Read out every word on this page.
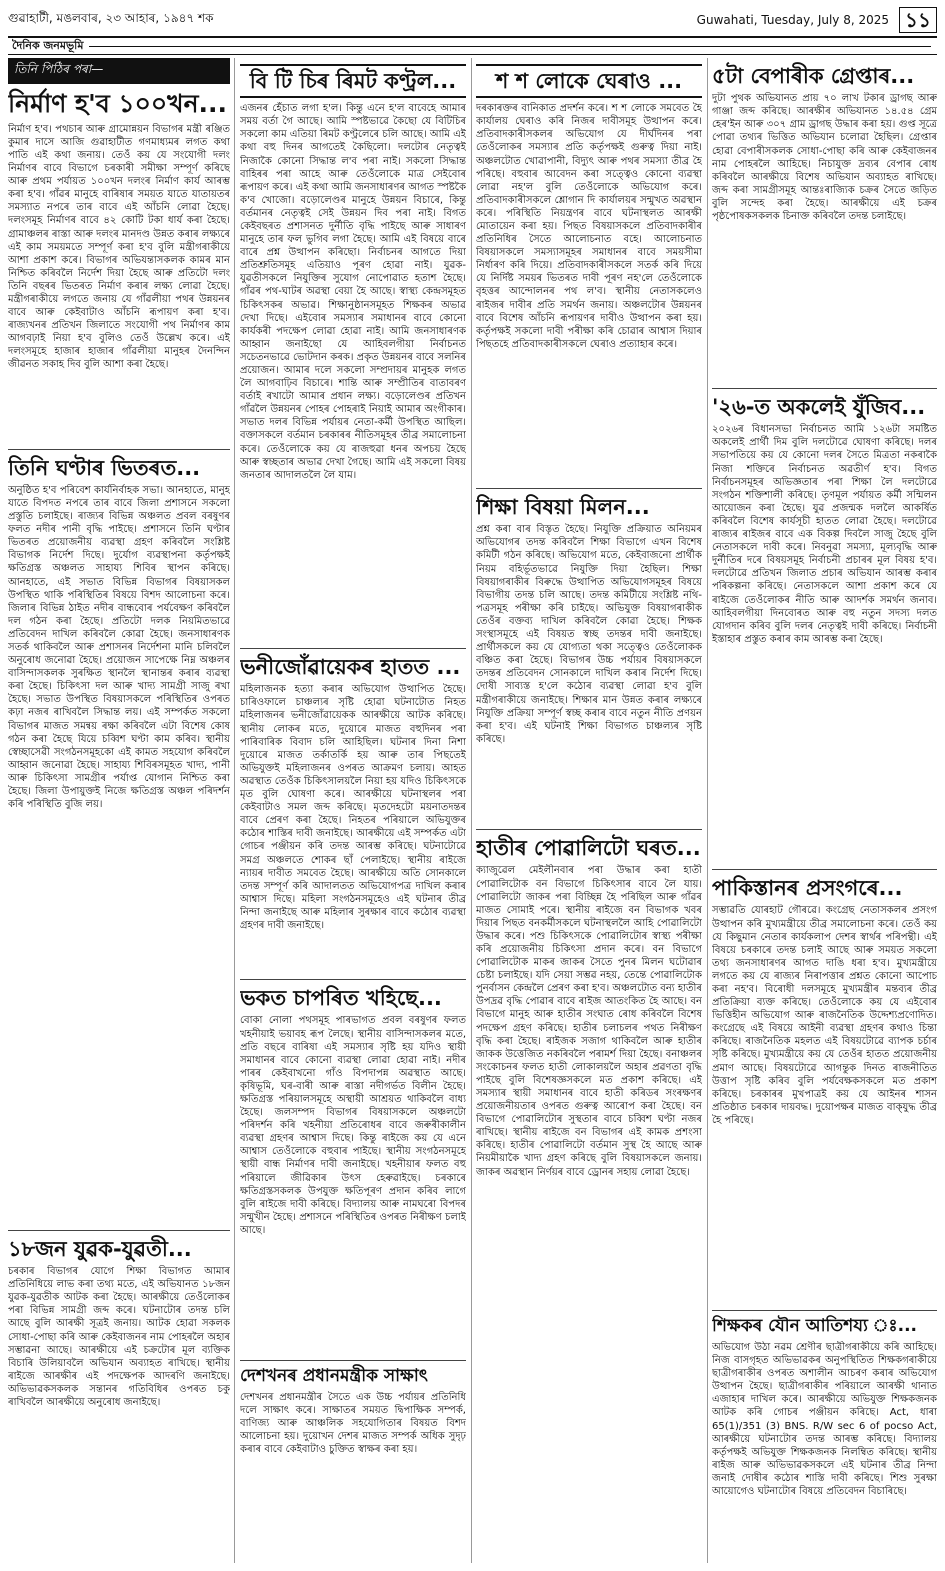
গুৱাহাটী, মঙলবাৰ, ২৩ আহাৰ, ১৯৪৭ শক	Guwahati, Tuesday, July 8, 2025 ১১
দৈনিক জনমভূমি
তিনি পিঠিৰ পৰা—
নিৰ্মাণ হ'ব ১০০খন...
নিৰ্মাণ হ'ব। পথচাৰ আৰু গ্ৰামোন্নয়ন বিভাগৰ মন্ত্ৰী ৰঞ্জিত কুমাৰ দাসে আজি গুৱাহাটীত গণমাধ্যমৰ লগত কথা পাতি এই কথা জনায়। তেওঁ কয় যে সংযোগী দলং নিৰ্মাণৰ বাবে বিভাগে চৰকাৰী সমীক্ষা সম্পূৰ্ণ কৰিছে আৰু প্ৰথম পৰ্যায়ত ১০০খন দলংৰ নিৰ্মাণ কাৰ্য আৰম্ভ কৰা হ'ব। গাঁৱৰ মানুহে বাৰিষাৰ সময়ত যাতে যাতায়তৰ সমস্যাত নপৰে তাৰ বাবে এই আঁচনি লোৱা হৈছে। দলংসমূহ নিৰ্মাণৰ বাবে ৪২ কোটি টকা ধাৰ্য কৰা হৈছে। গ্ৰামাঞ্চলৰ ৰাস্তা আৰু দলংৰ মানদণ্ড উন্নত কৰাৰ লক্ষ্যৰে এই কাম সময়মতে সম্পূৰ্ণ কৰা হ'ব বুলি মন্ত্ৰীগৰাকীয়ে আশা প্ৰকাশ কৰে। বিভাগৰ অভিযন্তাসকলক কামৰ মান নিশ্চিত কৰিবলৈ নিৰ্দেশ দিয়া হৈছে আৰু প্ৰতিটো দলং তিনি বছৰৰ ভিতৰত নিৰ্মাণ কৰাৰ লক্ষ্য লোৱা হৈছে। মন্ত্ৰীগৰাকীয়ে লগতে জনায় যে গাঁৱলীয়া পথৰ উন্নয়নৰ বাবে আৰু কেইবাটাও আঁচনি ৰূপায়ণ কৰা হ'ব। ৰাজ্যখনৰ প্ৰতিখন জিলাতে সংযোগী পথ নিৰ্মাণৰ কাম আগবঢ়াই নিয়া হ'ব বুলিও তেওঁ উল্লেখ কৰে। এই দলংসমূহে হাজাৰ হাজাৰ গাঁৱলীয়া মানুহৰ দৈনন্দিন জীৱনত সকাহ দিব বুলি আশা কৰা হৈছে।
তিনি ঘণ্টাৰ ভিতৰত...
অনুষ্ঠিত হ'ব পৰিবেশ কাৰ্যনিৰ্বাহক সভা। আনহাতে, মানুহ যাতে বিপদত নপৰে তাৰ বাবে জিলা প্ৰশাসনে সকলো প্ৰস্তুতি চলাইছে। ৰাজ্যৰ বিভিন্ন অঞ্চলত প্ৰবল বৰষুণৰ ফলত নদীৰ পানী বৃদ্ধি পাইছে। প্ৰশাসনে তিনি ঘণ্টাৰ ভিতৰত প্ৰয়োজনীয় ব্যৱস্থা গ্ৰহণ কৰিবলৈ সংশ্লিষ্ট বিভাগক নিৰ্দেশ দিছে। দুৰ্যোগ ব্যৱস্থাপনা কৰ্তৃপক্ষই ক্ষতিগ্ৰস্ত অঞ্চলত সাহায্য শিবিৰ স্থাপন কৰিছে। আনহাতে, এই সভাত বিভিন্ন বিভাগৰ বিষয়াসকল উপস্থিত থাকি পৰিস্থিতিৰ বিষয়ে বিশদ আলোচনা কৰে। জিলাৰ বিভিন্ন ঠাইত নদীৰ বান্ধবোৰ পৰ্যবেক্ষণ কৰিবলৈ দল গঠন কৰা হৈছে। প্ৰতিটো দলক নিয়মিতভাৱে প্ৰতিবেদন দাখিল কৰিবলৈ কোৱা হৈছে। জনসাধাৰণক সতৰ্ক থাকিবলৈ আৰু প্ৰশাসনৰ নিৰ্দেশনা মানি চলিবলৈ অনুৰোধ জনোৱা হৈছে। প্ৰয়োজন সাপেক্ষে নিম্ন অঞ্চলৰ বাসিন্দাসকলক সুৰক্ষিত স্থানলৈ স্থানান্তৰ কৰাৰ ব্যৱস্থা কৰা হৈছে। চিকিৎসা দল আৰু খাদ্য সামগ্ৰী সাজু ৰখা হৈছে। সভাত উপস্থিত বিষয়াসকলে পৰিস্থিতিৰ ওপৰত কঢ়া নজৰ ৰাখিবলৈ সিদ্ধান্ত লয়। এই সম্পৰ্কত সকলো বিভাগৰ মাজত সমন্বয় ৰক্ষা কৰিবলৈ এটা বিশেষ কোষ গঠন কৰা হৈছে যিয়ে চব্বিশ ঘণ্টা কাম কৰিব। স্থানীয় স্বেচ্ছাসেৱী সংগঠনসমূহকো এই কামত সহযোগ কৰিবলৈ আহ্বান জনোৱা হৈছে। সাহায্য শিবিৰসমূহত খাদ্য, পানী আৰু চিকিৎসা সামগ্ৰীৰ পৰ্যাপ্ত যোগান নিশ্চিত কৰা হৈছে। জিলা উপায়ুক্তই নিজে ক্ষতিগ্ৰস্ত অঞ্চল পৰিদৰ্শন কৰি পৰিস্থিতি বুজি লয়।
১৮জন যুৱক-যুৱতী...
চৰকাৰ বিভাগৰ যোগে শিক্ষা বিভাগত আমাৰ প্ৰতিনিধিয়ে লাভ কৰা তথ্য মতে, এই অভিযানত ১৮জন যুৱক-যুৱতীক আটক কৰা হৈছে। আৰক্ষীয়ে তেওঁলোকৰ পৰা বিভিন্ন সামগ্ৰী জব্দ কৰে। ঘটনাটোৰ তদন্ত চলি আছে বুলি আৰক্ষী সূত্ৰই জনায়। আটক হোৱা সকলক সোধা-পোছা কৰি আৰু কেইবাজনৰ নাম পোহৰলৈ অহাৰ সম্ভাৱনা আছে। আৰক্ষীয়ে এই চক্ৰটোৰ মূল ব্যক্তিক বিচাৰি উলিয়াবলৈ অভিযান অব্যাহত ৰাখিছে। স্থানীয় ৰাইজে আৰক্ষীৰ এই পদক্ষেপক আদৰণি জনাইছে। অভিভাৱকসকলক সন্তানৰ গতিবিধিৰ ওপৰত চকু ৰাখিবলৈ আৰক্ষীয়ে অনুৰোধ জনাইছে।
বি টি চিৰ ৰিমট কণ্ট্ৰল...
এজনৰ হেঁচাত লগা হ'ল। কিন্তু এনে হ'ল বাবেহে আমাৰ সময় বৰ্তা গৈ আছে। আমি স্পষ্টভাৱে কৈছো যে বিটিচিৰ সকলো কাম এতিয়া ৰিমট কণ্ট্ৰলেৰে চলি আছে। আমি এই কথা বহু দিনৰ আগতেই কৈছিলো। দলটোৰ নেতৃত্বই নিজাকৈ কোনো সিদ্ধান্ত ল'ব পৰা নাই। সকলো সিদ্ধান্ত বাহিৰৰ পৰা আহে আৰু তেওঁলোকে মাত্ৰ সেইবোৰ ৰূপায়ণ কৰে। এই কথা আমি জনসাধাৰণৰ আগত স্পষ্টকৈ ক'ব খোজো। বড়োলেণ্ডৰ মানুহে উন্নয়ন বিচাৰে, কিন্তু বৰ্তমানৰ নেতৃত্বই সেই উন্নয়ন দিব পৰা নাই। বিগত কেইবছৰত প্ৰশাসনত দুৰ্নীতি বৃদ্ধি পাইছে আৰু সাধাৰণ মানুহে তাৰ ফল ভুগিব লগা হৈছে। আমি এই বিষয়ে বাৰে বাৰে প্ৰশ্ন উত্থাপন কৰিছো। নিৰ্বাচনৰ আগতে দিয়া প্ৰতিশ্ৰুতিসমূহ এতিয়াও পূৰণ হোৱা নাই। যুৱক-যুৱতীসকলে নিযুক্তিৰ সুযোগ নোপোৱাত হতাশ হৈছে। গাঁৱৰ পথ-ঘাটৰ অৱস্থা বেয়া হৈ আছে। স্বাস্থ্য কেন্দ্ৰসমূহত চিকিৎসকৰ অভাৱ। শিক্ষানুষ্ঠানসমূহত শিক্ষকৰ অভাৱ দেখা দিছে। এইবোৰ সমস্যাৰ সমাধানৰ বাবে কোনো কাৰ্যকৰী পদক্ষেপ লোৱা হোৱা নাই। আমি জনসাধাৰণক আহ্বান জনাইছো যে আহিবলগীয়া নিৰ্বাচনত সচেতনভাৱে ভোটদান কৰক। প্ৰকৃত উন্নয়নৰ বাবে সলনিৰ প্ৰয়োজন। আমাৰ দলে সকলো সম্প্ৰদায়ৰ মানুহক লগত লৈ আগবাঢ়িব বিচাৰে। শান্তি আৰু সম্প্ৰীতিৰ বাতাবৰণ বৰ্তাই ৰখাটো আমাৰ প্ৰধান লক্ষ্য। বড়োলেণ্ডৰ প্ৰতিখন গাঁৱলৈ উন্নয়নৰ পোহৰ পোহৰাই নিয়াই আমাৰ অংগীকাৰ। সভাত দলৰ বিভিন্ন পৰ্যায়ৰ নেতা-কৰ্মী উপস্থিত আছিল। বক্তাসকলে বৰ্তমান চৰকাৰৰ নীতিসমূহৰ তীব্ৰ সমালোচনা কৰে। তেওঁলোকে কয় যে ৰাজহুৱা ধনৰ অপচয় হৈছে আৰু স্বচ্ছতাৰ অভাৱ দেখা গৈছে। আমি এই সকলো বিষয় জনতাৰ আদালতলৈ লৈ যাম।
ভনীজোঁৱায়েকৰ হাতত ...
মহিলাজনক হত্যা কৰাৰ অভিযোগ উত্থাপিত হৈছে। চাৰিওফালে চাঞ্চল্যৰ সৃষ্টি হোৱা ঘটনাটোত নিহত মহিলাজনৰ ভনীজোঁৱায়েকক আৰক্ষীয়ে আটক কৰিছে। স্থানীয় লোকৰ মতে, দুয়োৰে মাজত বহুদিনৰ পৰা পাৰিবাৰিক বিবাদ চলি আহিছিল। ঘটনাৰ দিনা নিশা দুয়োৰে মাজত তৰ্কাতৰ্কি হয় আৰু তাৰ পিছতেই অভিযুক্তই মহিলাজনৰ ওপৰত আক্ৰমণ চলায়। আহত অৱস্থাত তেওঁক চিকিৎসালয়লৈ নিয়া হয় যদিও চিকিৎসকে মৃত বুলি ঘোষণা কৰে। আৰক্ষীয়ে ঘটনাস্থলৰ পৰা কেইবাটাও সমল জব্দ কৰিছে। মৃতদেহটো ময়নাতদন্তৰ বাবে প্ৰেৰণ কৰা হৈছে। নিহতৰ পৰিয়ালে অভিযুক্তৰ কঠোৰ শাস্তিৰ দাবী জনাইছে। আৰক্ষীয়ে এই সম্পৰ্কত এটা গোচৰ পঞ্জীয়ন কৰি তদন্ত আৰম্ভ কৰিছে। ঘটনাটোৱে সমগ্ৰ অঞ্চলতে শোকৰ ছাঁ পেলাইছে। স্থানীয় ৰাইজে ন্যায়ৰ দাবীত সমবেত হৈছে। আৰক্ষীয়ে অতি সোনকালে তদন্ত সম্পূৰ্ণ কৰি আদালতত অভিযোগপত্ৰ দাখিল কৰাৰ আশ্বাস দিছে। মহিলা সংগঠনসমূহেও এই ঘটনাৰ তীব্ৰ নিন্দা জনাইছে আৰু মহিলাৰ সুৰক্ষাৰ বাবে কঠোৰ ব্যৱস্থা গ্ৰহণৰ দাবী জনাইছে।
ভকত চাপৰিত খহিছে...
বোকা নোলা পথসমূহ পাৰভাগত প্ৰবল বৰষুণৰ ফলত খহনীয়াই ভয়াবহ ৰূপ লৈছে। স্থানীয় বাসিন্দাসকলৰ মতে, প্ৰতি বছৰে বাৰিষা এই সমস্যাৰ সৃষ্টি হয় যদিও স্থায়ী সমাধানৰ বাবে কোনো ব্যৱস্থা লোৱা হোৱা নাই। নদীৰ পাৰৰ কেইবাখনো গাঁও বিপদাপন্ন অৱস্থাত আছে। কৃষিভূমি, ঘৰ-বাৰী আৰু ৰাস্তা নদীগৰ্ভত বিলীন হৈছে। ক্ষতিগ্ৰস্ত পৰিয়ালসমূহে অস্থায়ী আশ্ৰয়ত থাকিবলৈ বাধ্য হৈছে। জলসম্পদ বিভাগৰ বিষয়াসকলে অঞ্চলটো পৰিদৰ্শন কৰি খহনীয়া প্ৰতিৰোধৰ বাবে জৰুৰীকালীন ব্যৱস্থা গ্ৰহণৰ আশ্বাস দিছে। কিন্তু ৰাইজে কয় যে এনে আশ্বাস তেওঁলোকে বহুবাৰ পাইছে। স্থানীয় সংগঠনসমূহে স্থায়ী বান্ধ নিৰ্মাণৰ দাবী জনাইছে। খহনীয়াৰ ফলত বহু পৰিয়ালে জীৱিকাৰ উৎস হেৰুৱাইছে। চৰকাৰে ক্ষতিগ্ৰস্তসকলক উপযুক্ত ক্ষতিপূৰণ প্ৰদান কৰিব লাগে বুলি ৰাইজে দাবী কৰিছে। বিদ্যালয় আৰু নামঘৰো বিপদৰ সন্মুখীন হৈছে। প্ৰশাসনে পৰিস্থিতিৰ ওপৰত নিৰীক্ষণ চলাই আছে।
দেশখনৰ প্ৰধানমন্ত্ৰীক সাক্ষাৎ
দেশখনৰ প্ৰধানমন্ত্ৰীৰ সৈতে এক উচ্চ পৰ্যায়ৰ প্ৰতিনিধি দলে সাক্ষাৎ কৰে। সাক্ষাতৰ সময়ত দ্বিপাক্ষিক সম্পৰ্ক, বাণিজ্য আৰু আঞ্চলিক সহযোগিতাৰ বিষয়ত বিশদ আলোচনা হয়। দুয়োখন দেশৰ মাজত সম্পৰ্ক অধিক সুদৃঢ় কৰাৰ বাবে কেইবাটাও চুক্তিত স্বাক্ষৰ কৰা হয়।
শ শ লোকে ঘেৰাও ...
দৰকাৰক্তৰ বানিকাত প্ৰদৰ্শন কৰে। শ শ লোকে সমবেত হৈ কাৰ্যালয় ঘেৰাও কৰি নিজৰ দাবীসমূহ উত্থাপন কৰে। প্ৰতিবাদকাৰীসকলৰ অভিযোগ যে দীৰ্ঘদিনৰ পৰা তেওঁলোকৰ সমস্যাৰ প্ৰতি কৰ্তৃপক্ষই গুৰুত্ব দিয়া নাই। অঞ্চলটোত খোৱাপানী, বিদ্যুৎ আৰু পথৰ সমস্যা তীব্ৰ হৈ পৰিছে। বহুবাৰ আবেদন কৰা সত্ত্বেও কোনো ব্যৱস্থা লোৱা নহ'ল বুলি তেওঁলোকে অভিযোগ কৰে। প্ৰতিবাদকাৰীসকলে শ্লোগান দি কাৰ্যালয়ৰ সন্মুখত অৱস্থান কৰে। পৰিস্থিতি নিয়ন্ত্ৰণৰ বাবে ঘটনাস্থলত আৰক্ষী মোতায়েন কৰা হয়। পিছত বিষয়াসকলে প্ৰতিবাদকাৰীৰ প্ৰতিনিধিৰ সৈতে আলোচনাত বহে। আলোচনাত বিষয়াসকলে সমস্যাসমূহৰ সমাধানৰ বাবে সময়সীমা নিৰ্ধাৰণ কৰি দিয়ে। প্ৰতিবাদকাৰীসকলে সতৰ্ক কৰি দিয়ে যে নিৰ্দিষ্ট সময়ৰ ভিতৰত দাবী পূৰণ নহ'লে তেওঁলোকে বৃহত্তৰ আন্দোলনৰ পথ ল'ব। স্থানীয় নেতাসকলেও ৰাইজৰ দাবীৰ প্ৰতি সমৰ্থন জনায়। অঞ্চলটোৰ উন্নয়নৰ বাবে বিশেষ আঁচনি ৰূপায়ণৰ দাবীও উত্থাপন কৰা হয়। কৰ্তৃপক্ষই সকলো দাবী পৰীক্ষা কৰি চোৱাৰ আশ্বাস দিয়াৰ পিছতহে প্ৰতিবাদকাৰীসকলে ঘেৰাও প্ৰত্যাহাৰ কৰে।
শিক্ষা বিষয়া মিলন...
প্ৰশ্ন কৰা বাৰ বিস্তৃত হৈছে। নিযুক্তি প্ৰক্ৰিয়াত অনিয়মৰ অভিযোগৰ তদন্ত কৰিবলৈ শিক্ষা বিভাগে এখন বিশেষ কমিটী গঠন কৰিছে। অভিযোগ মতে, কেইবাজনো প্ৰাৰ্থীক নিয়ম বহিৰ্ভূতভাৱে নিযুক্তি দিয়া হৈছিল। শিক্ষা বিষয়াগৰাকীৰ বিৰুদ্ধে উত্থাপিত অভিযোগসমূহৰ বিষয়ে বিভাগীয় তদন্ত চলি আছে। তদন্ত কমিটীয়ে সংশ্লিষ্ট নথি-পত্ৰসমূহ পৰীক্ষা কৰি চাইছে। অভিযুক্ত বিষয়াগৰাকীক তেওঁৰ বক্তব্য দাখিল কৰিবলৈ কোৱা হৈছে। শিক্ষক সংস্থাসমূহে এই বিষয়ত স্বচ্ছ তদন্তৰ দাবী জনাইছে। প্ৰাৰ্থীসকলে কয় যে যোগ্যতা থকা সত্ত্বেও তেওঁলোকক বঞ্চিত কৰা হৈছে। বিভাগৰ উচ্চ পৰ্যায়ৰ বিষয়াসকলে তদন্তৰ প্ৰতিবেদন সোনকালে দাখিল কৰাৰ নিৰ্দেশ দিছে। দোষী সাব্যস্ত হ'লে কঠোৰ ব্যৱস্থা লোৱা হ'ব বুলি মন্ত্ৰীগৰাকীয়ে জনাইছে। শিক্ষাৰ মান উন্নত কৰাৰ লক্ষ্যৰে নিযুক্তি প্ৰক্ৰিয়া সম্পূৰ্ণ স্বচ্ছ কৰাৰ বাবে নতুন নীতি প্ৰণয়ন কৰা হ'ব। এই ঘটনাই শিক্ষা বিভাগত চাঞ্চল্যৰ সৃষ্টি কৰিছে।
হাতীৰ পোৱালিটো ঘৰত...
ক্যাজুৱেল মেইলীনবাৰ পৰা উদ্ধাৰ কৰা হাতী পোৱালিটোক বন বিভাগে চিকিৎসাৰ বাবে লৈ যায়। পোৱালিটো জাকৰ পৰা বিচ্ছিন্ন হৈ পৰিছিল আৰু গাঁৱৰ মাজত সোমাই পৰে। স্থানীয় ৰাইজে বন বিভাগক খবৰ দিয়াৰ পিছত বনকৰ্মীসকলে ঘটনাস্থললৈ আহি পোৱালিটো উদ্ধাৰ কৰে। পশু চিকিৎসকে পোৱালিটোৰ স্বাস্থ্য পৰীক্ষা কৰি প্ৰয়োজনীয় চিকিৎসা প্ৰদান কৰে। বন বিভাগে পোৱালিটোক মাকৰ জাকৰ সৈতে পুনৰ মিলন ঘটোৱাৰ চেষ্টা চলাইছে। যদি সেয়া সম্ভৱ নহয়, তেন্তে পোৱালিটোক পুনৰ্বাসন কেন্দ্ৰলৈ প্ৰেৰণ কৰা হ'ব। অঞ্চলটোত বন্য হাতীৰ উপদ্ৰৱ বৃদ্ধি পোৱাৰ বাবে ৰাইজ আতংকিত হৈ আছে। বন বিভাগে মানুহ আৰু হাতীৰ সংঘাত ৰোধ কৰিবলৈ বিশেষ পদক্ষেপ গ্ৰহণ কৰিছে। হাতীৰ চলাচলৰ পথত নিৰীক্ষণ বৃদ্ধি কৰা হৈছে। ৰাইজক সজাগ থাকিবলৈ আৰু হাতীৰ জাকক উত্তেজিত নকৰিবলৈ পৰামৰ্শ দিয়া হৈছে। বনাঞ্চলৰ সংকোচনৰ ফলত হাতী লোকালয়লৈ অহাৰ প্ৰৱণতা বৃদ্ধি পাইছে বুলি বিশেষজ্ঞসকলে মত প্ৰকাশ কৰিছে। এই সমস্যাৰ স্থায়ী সমাধানৰ বাবে হাতী কৰিডৰ সংৰক্ষণৰ প্ৰয়োজনীয়তাৰ ওপৰত গুৰুত্ব আৰোপ কৰা হৈছে। বন বিভাগে পোৱালিটোৰ সুস্থতাৰ বাবে চব্বিশ ঘণ্টা নজৰ ৰাখিছে। স্থানীয় ৰাইজে বন বিভাগৰ এই কামক প্ৰশংসা কৰিছে। হাতীৰ পোৱালিটো বৰ্তমান সুস্থ হৈ আছে আৰু নিয়মীয়াকৈ খাদ্য গ্ৰহণ কৰিছে বুলি বিষয়াসকলে জনায়। জাকৰ অৱস্থান নিৰ্ণয়ৰ বাবে ড্ৰোনৰ সহায় লোৱা হৈছে।
৫টা বেপাৰীক গ্ৰেপ্তাৰ...
দুটা পুথক অভিযানত প্ৰায় ৭০ লাখ টকাৰ ড্ৰাগছ আৰু গাঞ্জা জব্দ কৰিছে। আৰক্ষীৰ অভিযানত ১৪.৫৪ গ্ৰেম হেৰ'ইন আৰু ৩০৭ গ্ৰাম ড্ৰাগছ উদ্ধাৰ কৰা হয়। গুপ্ত সূত্ৰে পোৱা তথ্যৰ ভিত্তিত অভিযান চলোৱা হৈছিল। গ্ৰেপ্তাৰ হোৱা বেপাৰীসকলক সোধা-পোছা কৰি আৰু কেইবাজনৰ নাম পোহৰলৈ আহিছে। নিচাযুক্ত দ্ৰব্যৰ বেপাৰ ৰোধ কৰিবলৈ আৰক্ষীয়ে বিশেষ অভিযান অব্যাহত ৰাখিছে। জব্দ কৰা সামগ্ৰীসমূহ আন্তঃৰাজ্যিক চক্ৰৰ সৈতে জড়িত বুলি সন্দেহ কৰা হৈছে। আৰক্ষীয়ে এই চক্ৰৰ পৃষ্ঠপোষকসকলক চিনাক্ত কৰিবলৈ তদন্ত চলাইছে।
'২৬-ত অকলেই যুঁজিব...
২০২৬ৰ বিধানসভা নিৰ্বাচনত আমি ১২৬টা সমষ্টিত অকলেই প্ৰাৰ্থী দিম বুলি দলটোৱে ঘোষণা কৰিছে। দলৰ সভাপতিয়ে কয় যে কোনো দলৰ সৈতে মিত্ৰতা নকৰাকৈ নিজা শক্তিৰে নিৰ্বাচনত অৱতীৰ্ণ হ'ব। বিগত নিৰ্বাচনসমূহৰ অভিজ্ঞতাৰ পৰা শিক্ষা লৈ দলটোৱে সংগঠন শক্তিশালী কৰিছে। তৃণমূল পৰ্যায়ত কৰ্মী সন্মিলন আয়োজন কৰা হৈছে। যুৱ প্ৰজন্মক দললৈ আকৰ্ষিত কৰিবলৈ বিশেষ কাৰ্যসূচী হাতত লোৱা হৈছে। দলটোৱে ৰাজ্যৰ ৰাইজৰ বাবে এক বিকল্প দিবলৈ সাজু হৈছে বুলি নেতাসকলে দাবী কৰে। নিবনুৱা সমস্যা, মূল্যবৃদ্ধি আৰু দুৰ্নীতিৰ দৰে বিষয়সমূহ নিৰ্বাচনী প্ৰচাৰৰ মূল বিষয় হ'ব। দলটোৱে প্ৰতিখন জিলাত প্ৰচাৰ অভিযান আৰম্ভ কৰাৰ পৰিকল্পনা কৰিছে। নেতাসকলে আশা প্ৰকাশ কৰে যে ৰাইজে তেওঁলোকৰ নীতি আৰু আদৰ্শক সমৰ্থন জনাব। আহিবলগীয়া দিনবোৰত আৰু বহু নতুন সদস্য দলত যোগদান কৰিব বুলি দলৰ নেতৃত্বই দাবী কৰিছে। নিৰ্বাচনী ইস্তাহাৰ প্ৰস্তুত কৰাৰ কাম আৰম্ভ কৰা হৈছে।
পাকিস্তানৰ প্ৰসংগৰে...
সম্ভাৱতি যোৰহাট গৌৰৱে। কংগ্ৰেছ নেতাসকলৰ প্ৰসংগ উত্থাপন কৰি মুখ্যমন্ত্ৰীয়ে তীব্ৰ সমালোচনা কৰে। তেওঁ কয় যে কিছুমান নেতাৰ কাৰ্যকলাপ দেশৰ স্বাৰ্থৰ পৰিপন্থী। এই বিষয়ে চৰকাৰে তদন্ত চলাই আছে আৰু সময়ত সকলো তথ্য জনসাধাৰণৰ আগত দাঙি ধৰা হ'ব। মুখ্যমন্ত্ৰীয়ে লগতে কয় যে ৰাজ্যৰ নিৰাপত্তাৰ প্ৰশ্নত কোনো আপোচ কৰা নহ'ব। বিৰোধী দলসমূহে মুখ্যমন্ত্ৰীৰ মন্তব্যৰ তীব্ৰ প্ৰতিক্ৰিয়া ব্যক্ত কৰিছে। তেওঁলোকে কয় যে এইবোৰ ভিত্তিহীন অভিযোগ আৰু ৰাজনৈতিক উদ্দেশ্যপ্ৰণোদিত। কংগ্ৰেছে এই বিষয়ে আইনী ব্যৱস্থা গ্ৰহণৰ কথাও চিন্তা কৰিছে। ৰাজনৈতিক মহলত এই বিষয়টোৱে ব্যাপক চৰ্চাৰ সৃষ্টি কৰিছে। মুখ্যমন্ত্ৰীয়ে কয় যে তেওঁৰ হাতত প্ৰয়োজনীয় প্ৰমাণ আছে। বিষয়টোৱে আগন্তুক দিনত ৰাজনীতিত উত্তাপ সৃষ্টি কৰিব বুলি পৰ্যবেক্ষকসকলে মত প্ৰকাশ কৰিছে। চৰকাৰৰ মুখপাত্ৰই কয় যে আইনৰ শাসন প্ৰতিষ্ঠাত চৰকাৰ দায়বদ্ধ। দুয়োপক্ষৰ মাজত বাক্‌যুদ্ধ তীব্ৰ হৈ পৰিছে।
শিক্ষকৰ যৌন আতিশয্য ঃ...
অভিযোগ উঠা নৱম শ্ৰেণীৰ ছাত্ৰীগৰাকীয়ে কৰি আহিছে। নিজ বাসগৃহত অভিভাৱকৰ অনুপস্থিতিত শিক্ষকগৰাকীয়ে ছাত্ৰীগৰাকীৰ ওপৰত অশালীন আচৰণ কৰাৰ অভিযোগ উত্থাপন হৈছে। ছাত্ৰীগৰাকীৰ পৰিয়ালে আৰক্ষী থানাত এজাহাৰ দাখিল কৰে। আৰক্ষীয়ে অভিযুক্ত শিক্ষকজনক আটক কৰি গোচৰ পঞ্জীয়ন কৰিছে। Act, ধাৰা 65(1)/351 (3) BNS. R/W sec 6 of pocso Act, আৰক্ষীয়ে ঘটনাটোৰ তদন্ত আৰম্ভ কৰিছে। বিদ্যালয় কৰ্তৃপক্ষই অভিযুক্ত শিক্ষকজনক নিলম্বিত কৰিছে। স্থানীয় ৰাইজ আৰু অভিভাৱকসকলে এই ঘটনাৰ তীব্ৰ নিন্দা জনাই দোষীৰ কঠোৰ শাস্তি দাবী কৰিছে। শিশু সুৰক্ষা আয়োগেও ঘটনাটোৰ বিষয়ে প্ৰতিবেদন বিচাৰিছে।
